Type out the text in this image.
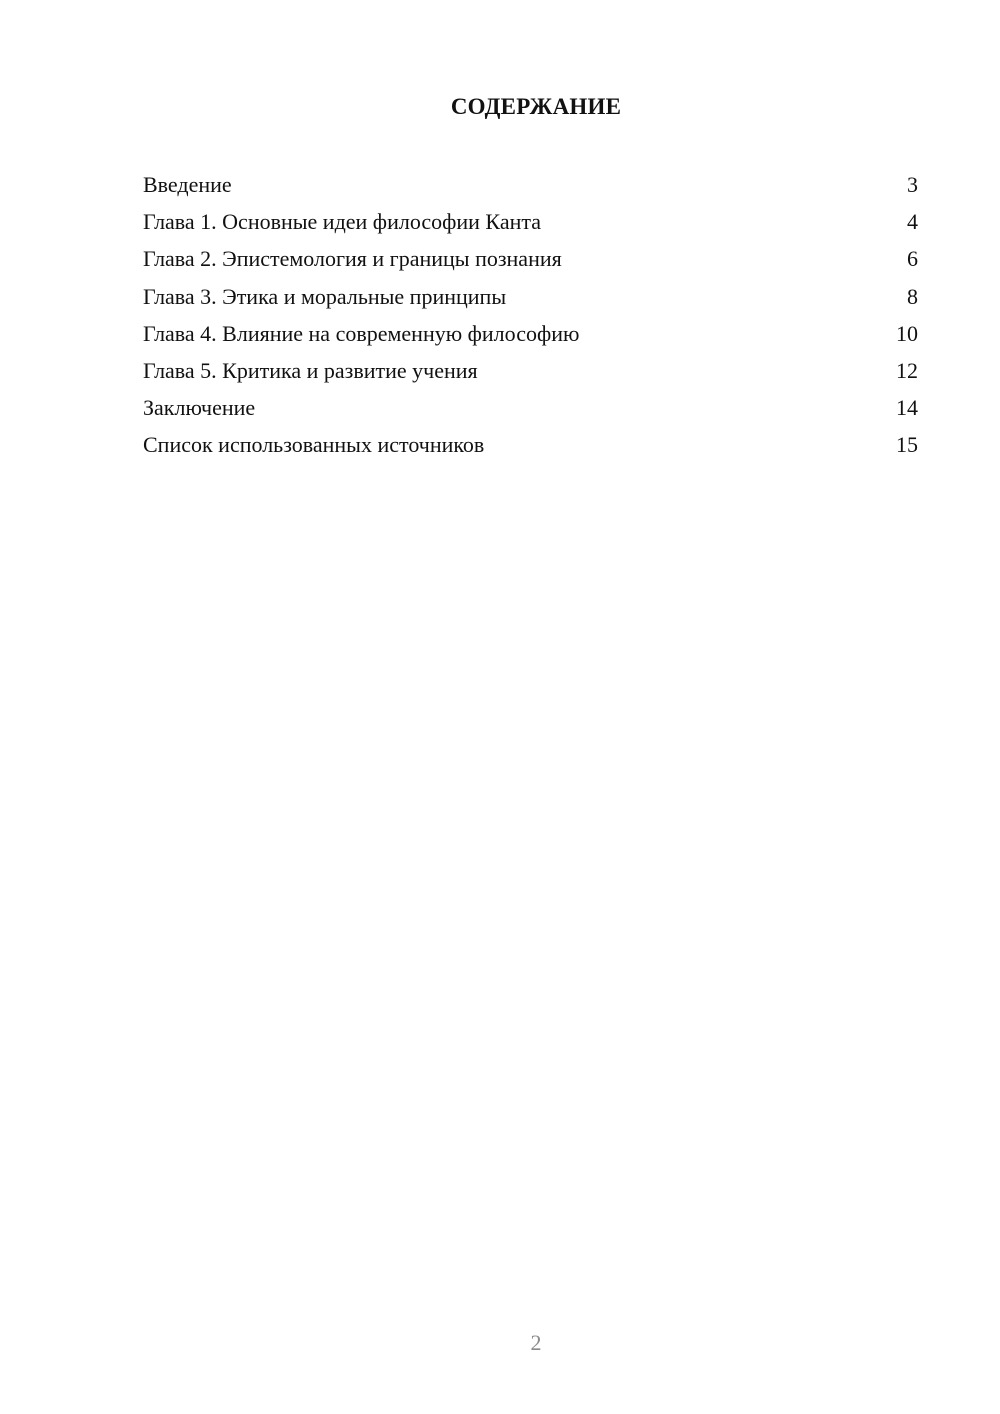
СОДЕРЖАНИЕ
Введение	3
Глава 1. Основные идеи философии Канта	4
Глава 2. Эпистемология и границы познания	6
Глава 3. Этика и моральные принципы	8
Глава 4. Влияние на современную философию	10
Глава 5. Критика и развитие учения	12
Заключение	14
Список использованных источников	15
2
